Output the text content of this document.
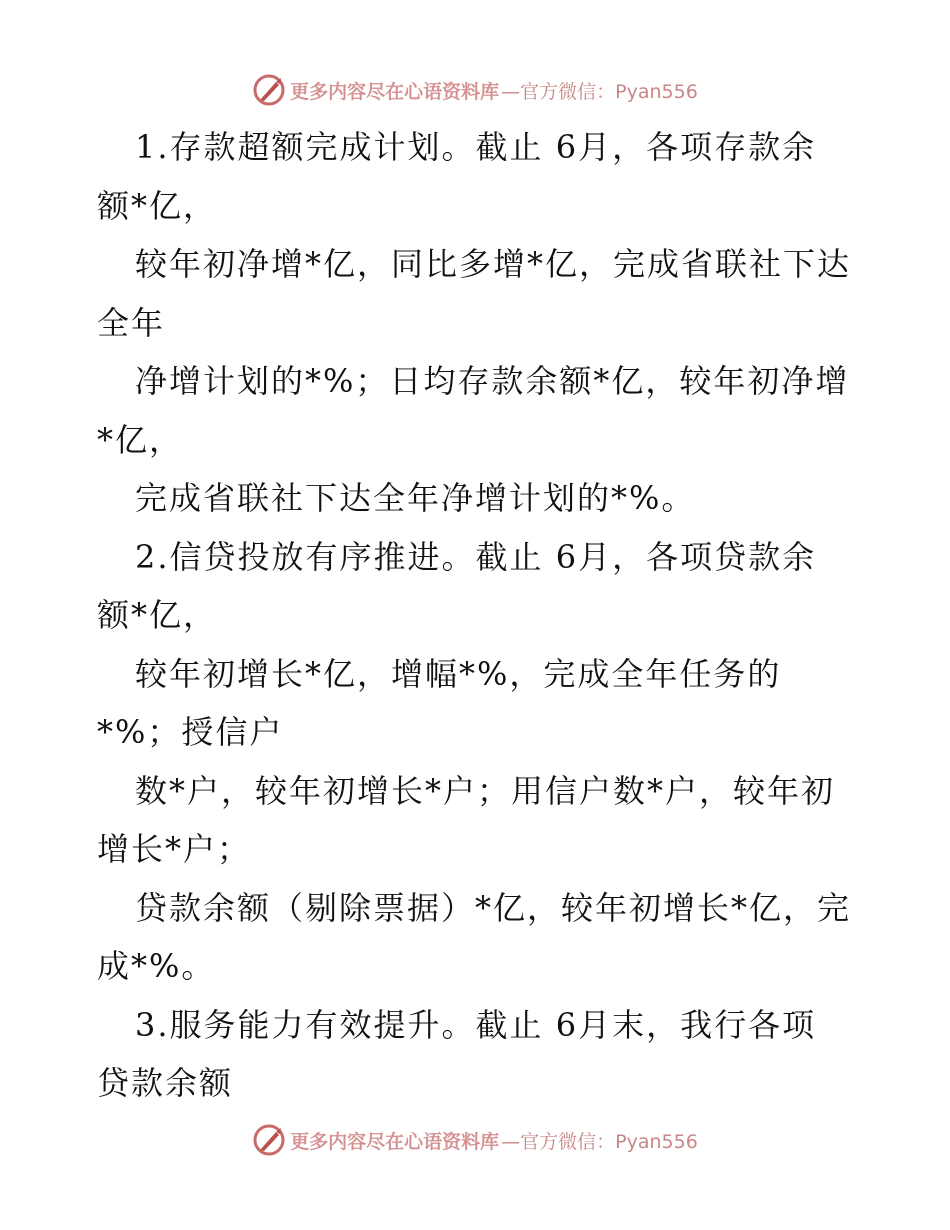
更多内容尽在心语资料库 —官方微信：Pyan556
1.存款超额完成计划。截止 6月，各项存款余
额*亿，
较年初净增*亿，同比多增*亿，完成省联社下达
全年
净增计划的*%；日均存款余额*亿，较年初净增
*亿，
完成省联社下达全年净增计划的*%。
2.信贷投放有序推进。截止 6月，各项贷款余
额*亿，
较年初增长*亿，增幅*%，完成全年任务的
*%；授信户
数*户，较年初增长*户；用信户数*户，较年初
增长*户；
贷款余额（剔除票据）*亿，较年初增长*亿，完
成*%。
3.服务能力有效提升。截止 6月末，我行各项
贷款余额
更多内容尽在心语资料库 —官方微信：Pyan556
